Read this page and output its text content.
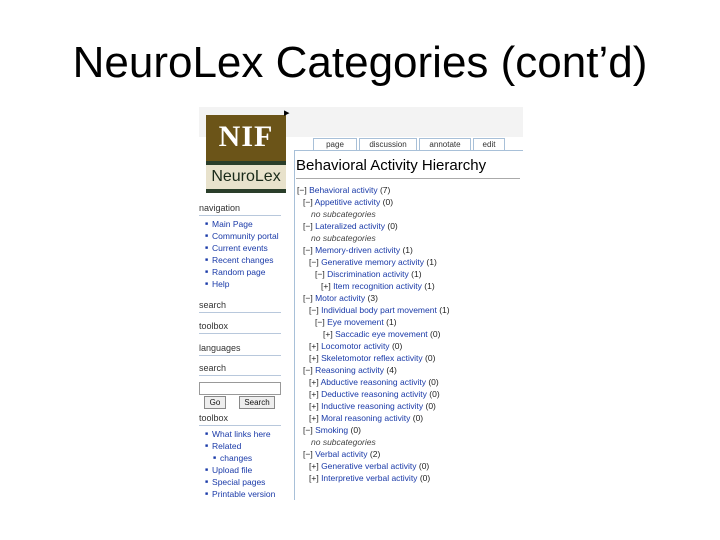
NeuroLex Categories (cont’d)
NIF
NeuroLex
▸
page	discussion	annotate	edit
Behavioral Activity Hierarchy
navigation
■ Main Page
■ Community portal
■ Current events
■ Recent changes
■ Random page
■ Help
search
toolbox
languages
search
Go	Search
toolbox
■ What links here
■ Related
■ changes
■ Upload file
■ Special pages
■ Printable version
[−] Behavioral activity (7)
[−] Appetitive activity (0)
no subcategories
[−] Lateralized activity (0)
no subcategories
[−] Memory-driven activity (1)
[−] Generative memory activity (1)
[−] Discrimination activity (1)
[+] Item recognition activity (1)
[−] Motor activity (3)
[−] Individual body part movement (1)
[−] Eye movement (1)
[+] Saccadic eye movement (0)
[+] Locomotor activity (0)
[+] Skeletomotor reflex activity (0)
[−] Reasoning activity (4)
[+] Abductive reasoning activity (0)
[+] Deductive reasoning activity (0)
[+] Inductive reasoning activity (0)
[+] Moral reasoning activity (0)
[−] Smoking (0)
no subcategories
[−] Verbal activity (2)
[+] Generative verbal activity (0)
[+] Interpretive verbal activity (0)
